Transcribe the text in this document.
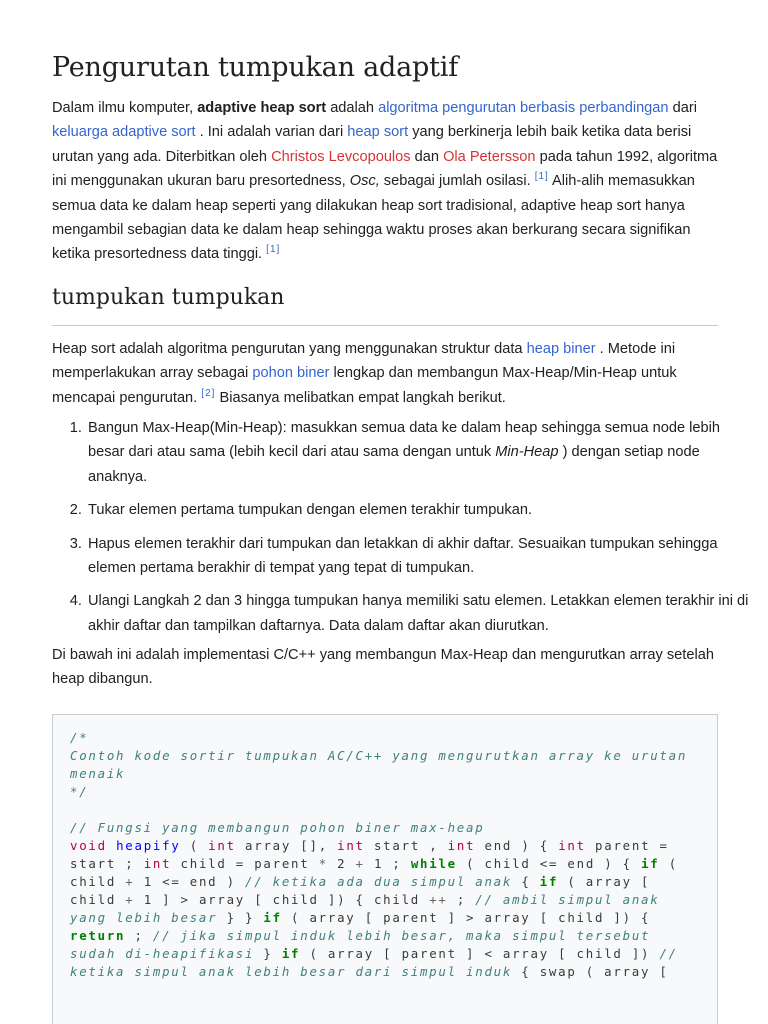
Pengurutan tumpukan adaptif

Dalam ilmu komputer, adaptive heap sort adalah algoritma pengurutan berbasis perbandingan dari keluarga adaptive sort . Ini adalah varian dari heap sort yang berkinerja lebih baik ketika data berisi urutan yang ada. Diterbitkan oleh Christos Levcopoulos dan Ola Petersson pada tahun 1992, algoritma ini menggunakan ukuran baru presortedness, Osc, sebagai jumlah osilasi. [1] Alih-alih memasukkan semua data ke dalam heap seperti yang dilakukan heap sort tradisional, adaptive heap sort hanya mengambil sebagian data ke dalam heap sehingga waktu proses akan berkurang secara signifikan ketika presortedness data tinggi. [1]

tumpukan tumpukan

Heap sort adalah algoritma pengurutan yang menggunakan struktur data heap biner . Metode ini memperlakukan array sebagai pohon biner lengkap dan membangun Max-Heap/Min-Heap untuk mencapai pengurutan. [2] Biasanya melibatkan empat langkah berikut.

1. Bangun Max-Heap(Min-Heap): masukkan semua data ke dalam heap sehingga semua node lebih besar dari atau sama (lebih kecil dari atau sama dengan untuk Min-Heap ) dengan setiap node anaknya.
2. Tukar elemen pertama tumpukan dengan elemen terakhir tumpukan.
3. Hapus elemen terakhir dari tumpukan dan letakkan di akhir daftar. Sesuaikan tumpukan sehingga elemen pertama berakhir di tempat yang tepat di tumpukan.
4. Ulangi Langkah 2 dan 3 hingga tumpukan hanya memiliki satu elemen. Letakkan elemen terakhir ini di akhir daftar dan tampilkan daftarnya. Data dalam daftar akan diurutkan.

Di bawah ini adalah implementasi C/C++ yang membangun Max-Heap dan mengurutkan array setelah heap dibangun.

/*
Contoh kode sortir tumpukan AC/C++ yang mengurutkan array ke urutan menaik
*/

// Fungsi yang membangun pohon biner max-heap
void heapify ( int array [], int start , int end ) { int parent = start ; int child = parent * 2 + 1 ; while ( child <= end ) { if ( child + 1 <= end ) // ketika ada dua simpul anak { if ( array [ child + 1 ] > array [ child ]) { child ++ ; // ambil simpul anak yang lebih besar } } if ( array [ parent ] > array [ child ]) { return ; // jika simpul induk lebih besar, maka simpul tersebut sudah di-heapifikasi } if ( array [ parent ] < array [ child ]) // ketika simpul anak lebih besar dari simpul induk { swap ( array [
